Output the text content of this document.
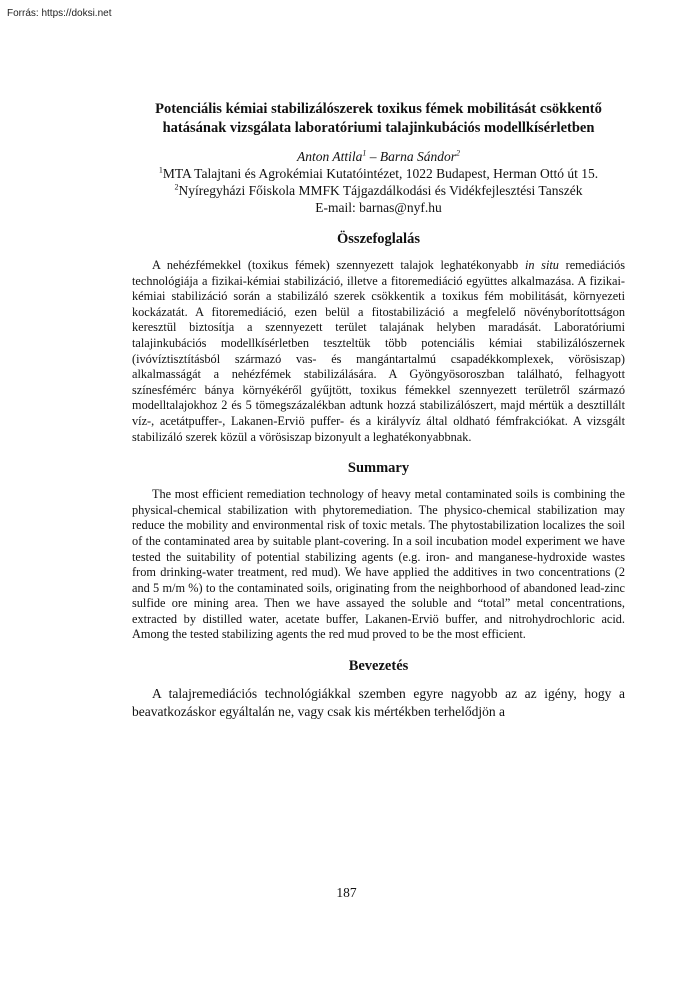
Forrás: https://doksi.net
Potenciális kémiai stabilizálószerek toxikus fémek mobilitását csökkentő hatásának vizsgálata laboratóriumi talajinkubációs modellkísérletben

Anton Attila$^1$ – Barna Sándor$^2$

$^1$MTA Talajtani és Agrokémiai Kutatóintézet, 1022 Budapest, Herman Ottó út 15.

$^2$Nyíregyházi Főiskola MMFK Tájgazdálkodási és Vidékfejlesztési Tanszék

E-mail: barnas@nyf.hu

Összefoglalás

A nehézfémekkel (toxikus fémek) szennyezett talajok leghatékonyabb in situ remediációs technológiája a fizikai-kémiai stabilizáció, illetve a fitoremediáció együttes alkalmazása. A fizikai-kémiai stabilizáció során a stabilizáló szerek csökkentik a toxikus fém mobilitását, környezeti kockázatát. A fitoremediáció, ezen belül a fitostabilizáció a megfelelő növényborítottságon keresztül biztosítja a szennyezett terület talajának helyben maradását. Laboratóriumi talajinkubációs modellkísérletben teszteltük több potenciális kémiai stabilizálószernek (ivóvíztisztításból származó vas- és mangántartalmú csapadékkomplexek, vörösiszap) alkalmasságát a nehézfémek stabilizálására. A Gyöngyösoroszban található, felhagyott színesfémérc bánya környékéről gyűjtött, toxikus fémekkel szennyezett területről származó modelltalajokhoz 2 és 5 tömegszázalékban adtunk hozzá stabilizálószert, majd mértük a desztillált víz-, acetátpuffer-, Lakanen-Erviö puffer- és a királyvíz által oldható fémfrakciókat. A vizsgált stabilizáló szerek közül a vörösiszap bizonyult a leghatékonyabbnak.

Summary

The most efficient remediation technology of heavy metal contaminated soils is combining the physical-chemical stabilization with phytoremediation. The physico-chemical stabilization may reduce the mobility and environmental risk of toxic metals. The phytostabilization localizes the soil of the contaminated area by suitable plant-covering. In a soil incubation model experiment we have tested the suitability of potential stabilizing agents (e.g. iron- and manganese-hydroxide wastes from drinking-water treatment, red mud). We have applied the additives in two concentrations (2 and 5 m/m %) to the contaminated soils, originating from the neighborhood of abandoned lead-zinc sulfide ore mining area. Then we have assayed the soluble and “total” metal concentrations, extracted by distilled water, acetate buffer, Lakanen-Erviö buffer, and nitrohydrochloric acid. Among the tested stabilizing agents the red mud proved to be the most efficient.

Bevezetés

A talajremediációs technológiákkal szemben egyre nagyobb az az igény, hogy a beavatkozáskor egyáltalán ne, vagy csak kis mértékben terhelődjön a

187
